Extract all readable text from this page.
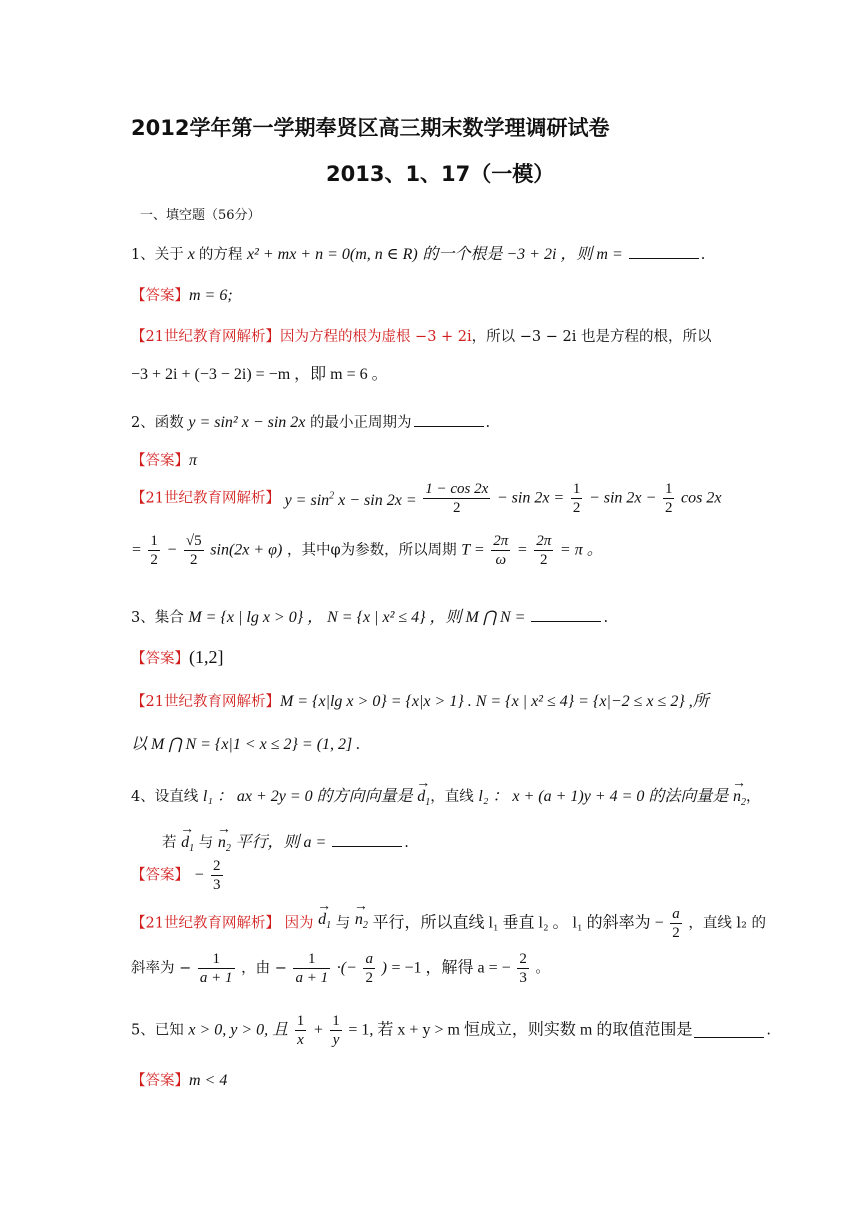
2012学年第一学期奉贤区高三期末数学理调研试卷
2013、1、17（一模）
一、填空题（56分）
1、关于 x 的方程 x² + mx + n = 0(m, n ∈ R) 的一个根是 −3 + 2i ，则 m =	.
【答案】m = 6;
【21世纪教育网解析】因为方程的根为虚根 −3 + 2i，所以 −3 − 2i 也是方程的根，所以
−3 + 2i + (−3 − 2i) = −m ，即 m = 6 。
2、函数 y = sin² x − sin 2x 的最小正周期为	.
【答案】π
【21世纪教育网解析】 $y = \sin^2 x - \sin 2x = \frac{1 - \cos 2x}{2} - \sin 2x = \frac{1}{2} - \sin 2x - \frac{1}{2}$ cos 2x
= $\frac{1}{2} - \frac{√5}{2} \sin(2x + \varphi)$ ，其中φ为参数，所以周期 $T = \frac{2\pi}{\omega} = \frac{2\pi}{2} = \pi$ 。
3、集合 M = {x | lg x > 0} ， N = {x | x² ≤ 4} ，则 M ⋂ N =	.
【答案】(1,2]
【21世纪教育网解析】M = {x|lg x > 0} = {x|x > 1} . N = {x | x² ≤ 4} = {x|−2 ≤ x ≤ 2} ,所
以 M ⋂ N = {x|1 < x ≤ 2} = (1, 2] .
4、设直线 l₁ ： ax + 2y = 0 的方向向量是 → $d_1$，直线 l₂ ： x + (a + 1)y + 4 = 0 的法向量是 → $n_2$，
若 → $d_1$ 与 → $n_2$ 平行，则 a =	.
【答案】 − $\frac{2}{3}$
【21世纪教育网解析】 因为 → $d_1$ 与 → $n_2$ 平行，所以直线 l₁ 垂直 l₂ 。 l₁ 的斜率为 − $\frac{a}{2}$ ，直线 l₂ 的
斜率为 − $\frac{1}{a + 1}$ ，由 − $\frac{1}{a + 1}$ ·(− $\frac{a}{2}$ ) = −1 ，解得 a = − $\frac{2}{3}$ 。
5、已知 x > 0, y > 0, 且 $\frac{1}{x} + \frac{1}{y} = 1$, 若 x + y > m 恒成立，则实数 m 的取值范围是	.
【答案】m < 4
